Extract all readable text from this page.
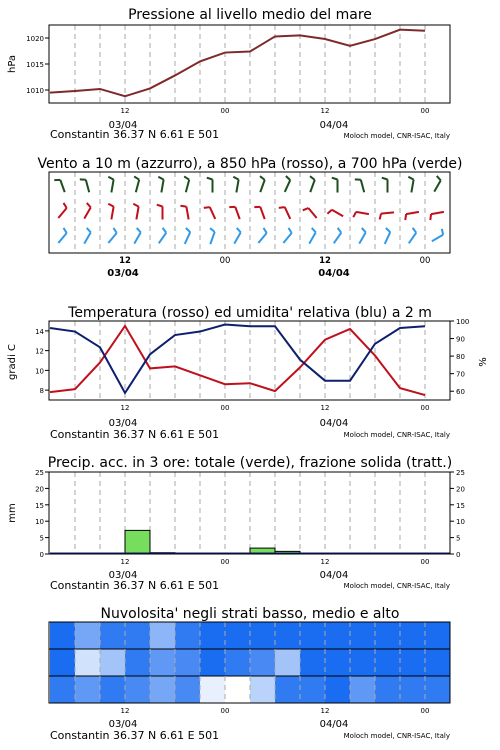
Pressione al livello medio del mare
hPa
1010
1015
1020
12	00	12	00
03/04	04/04
Constantin 36.37 N 6.61 E 501	Moloch model, CNR-ISAC, Italy
Vento a 10 m (azzurro), a 850 hPa (rosso), a 700 hPa (verde)
12	00	12	00
03/04	04/04
Temperatura (rosso) ed umidita' relativa (blu) a 2 m
gradi C	%
8
10
12
14
60
70
80
90
100
12	00	12	00
03/04	04/04
Constantin 36.37 N 6.61 E 501	Moloch model, CNR-ISAC, Italy
Precip. acc. in 3 ore: totale (verde), frazione solida (tratt.)
mm
0	0
5	5
10	10
15	15
20	20
25	25
12	00	12	00
03/04	04/04
Constantin 36.37 N 6.61 E 501	Moloch model, CNR-ISAC, Italy
Nuvolosita' negli strati basso, medio e alto
12	00	12	00
03/04	04/04
Constantin 36.37 N 6.61 E 501	Moloch model, CNR-ISAC, Italy
